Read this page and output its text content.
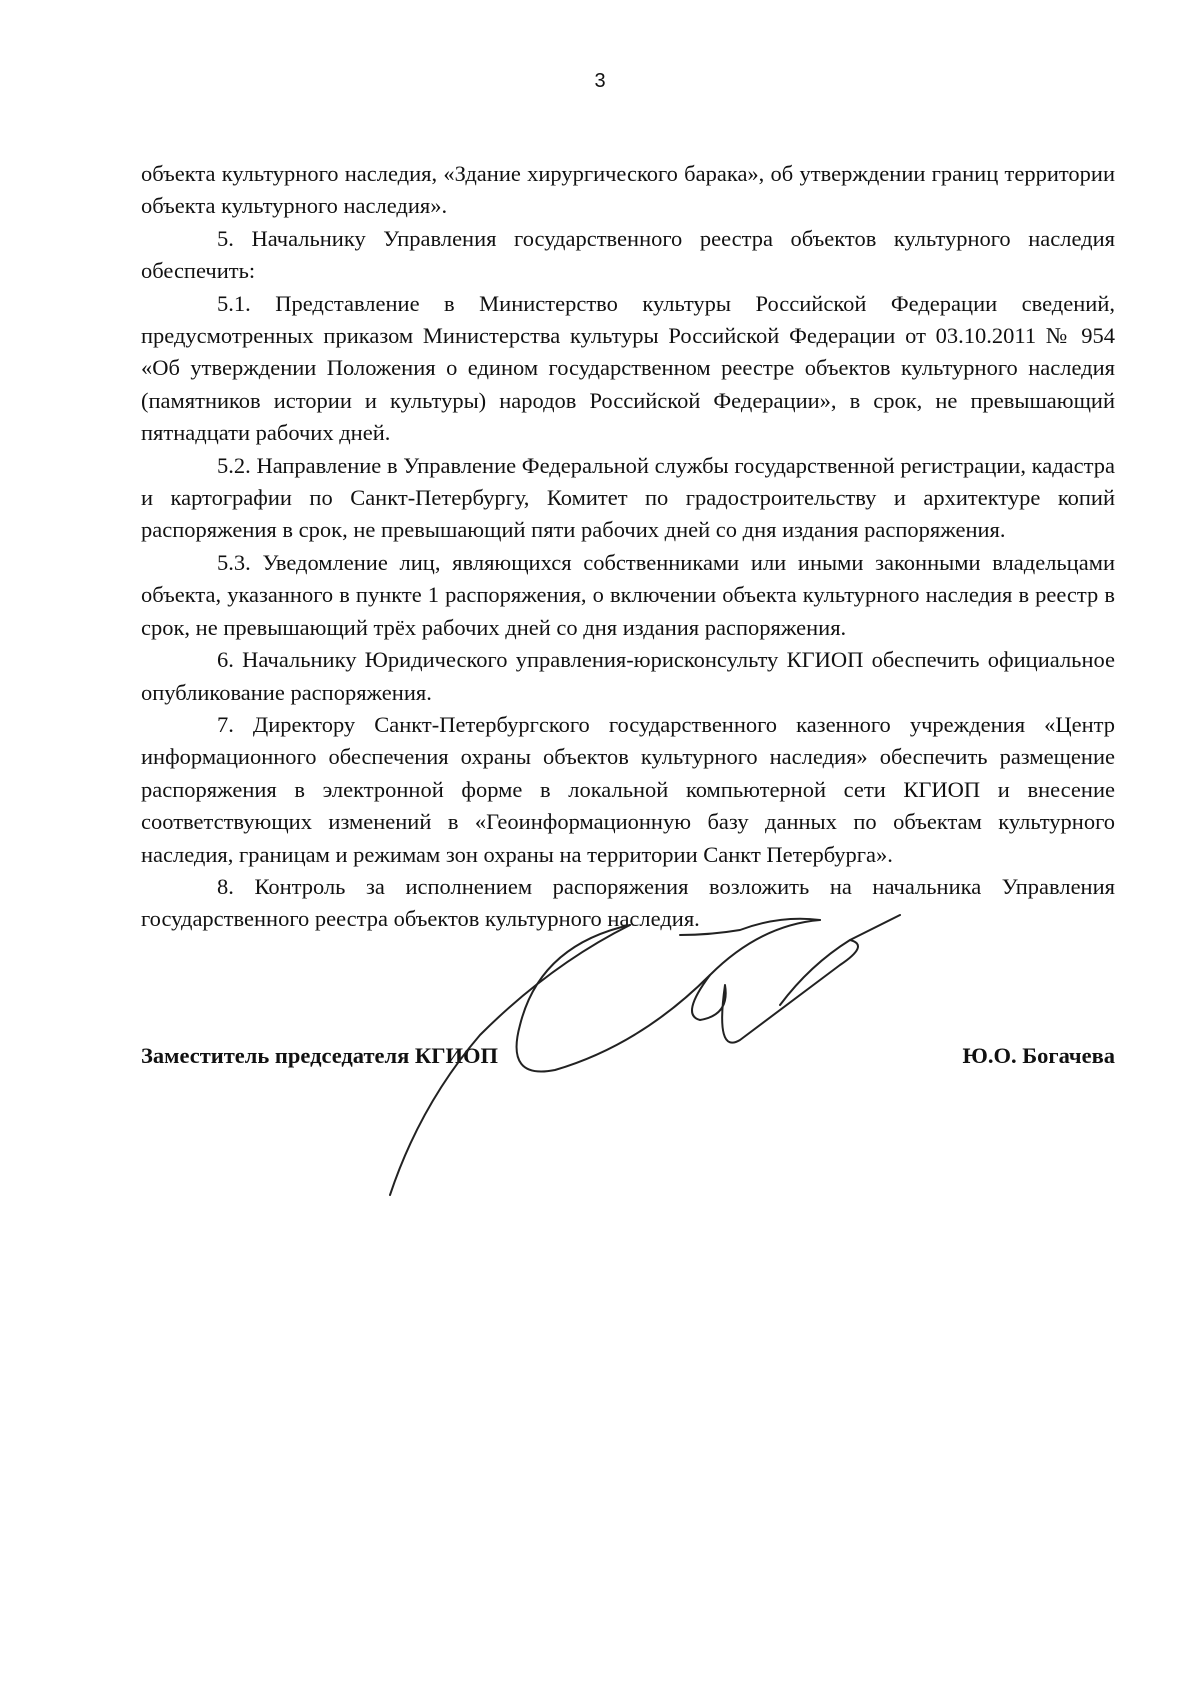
3

объекта культурного наследия, «Здание хирургического барака», об утверждении границ территории объекта культурного наследия».

5. Начальнику Управления государственного реестра объектов культурного наследия обеспечить:

5.1. Представление в Министерство культуры Российской Федерации сведений, предусмотренных приказом Министерства культуры Российской Федерации от 03.10.2011 № 954 «Об утверждении Положения о едином государственном реестре объектов культурного наследия (памятников истории и культуры) народов Российской Федерации», в срок, не превышающий пятнадцати рабочих дней.

5.2. Направление в Управление Федеральной службы государственной регистрации, кадастра и картографии по Санкт-Петербургу, Комитет по градостроительству и архитектуре копий распоряжения в срок, не превышающий пяти рабочих дней со дня издания распоряжения.

5.3. Уведомление лиц, являющихся собственниками или иными законными владельцами объекта, указанного в пункте 1 распоряжения, о включении объекта культурного наследия в реестр в срок, не превышающий трёх рабочих дней со дня издания распоряжения.

6. Начальнику Юридического управления-юрисконсульту КГИОП обеспечить официальное опубликование распоряжения.

7. Директору Санкт-Петербургского государственного казенного учреждения «Центр информационного обеспечения охраны объектов культурного наследия» обеспечить размещение распоряжения в электронной форме в локальной компьютерной сети КГИОП и внесение соответствующих изменений в «Геоинформационную базу данных по объектам культурного наследия, границам и режимам зон охраны на территории Санкт Петербурга».

8. Контроль за исполнением распоряжения возложить на начальника Управления государственного реестра объектов культурного наследия.

Заместитель председателя КГИОП	Ю.О. Богачева
